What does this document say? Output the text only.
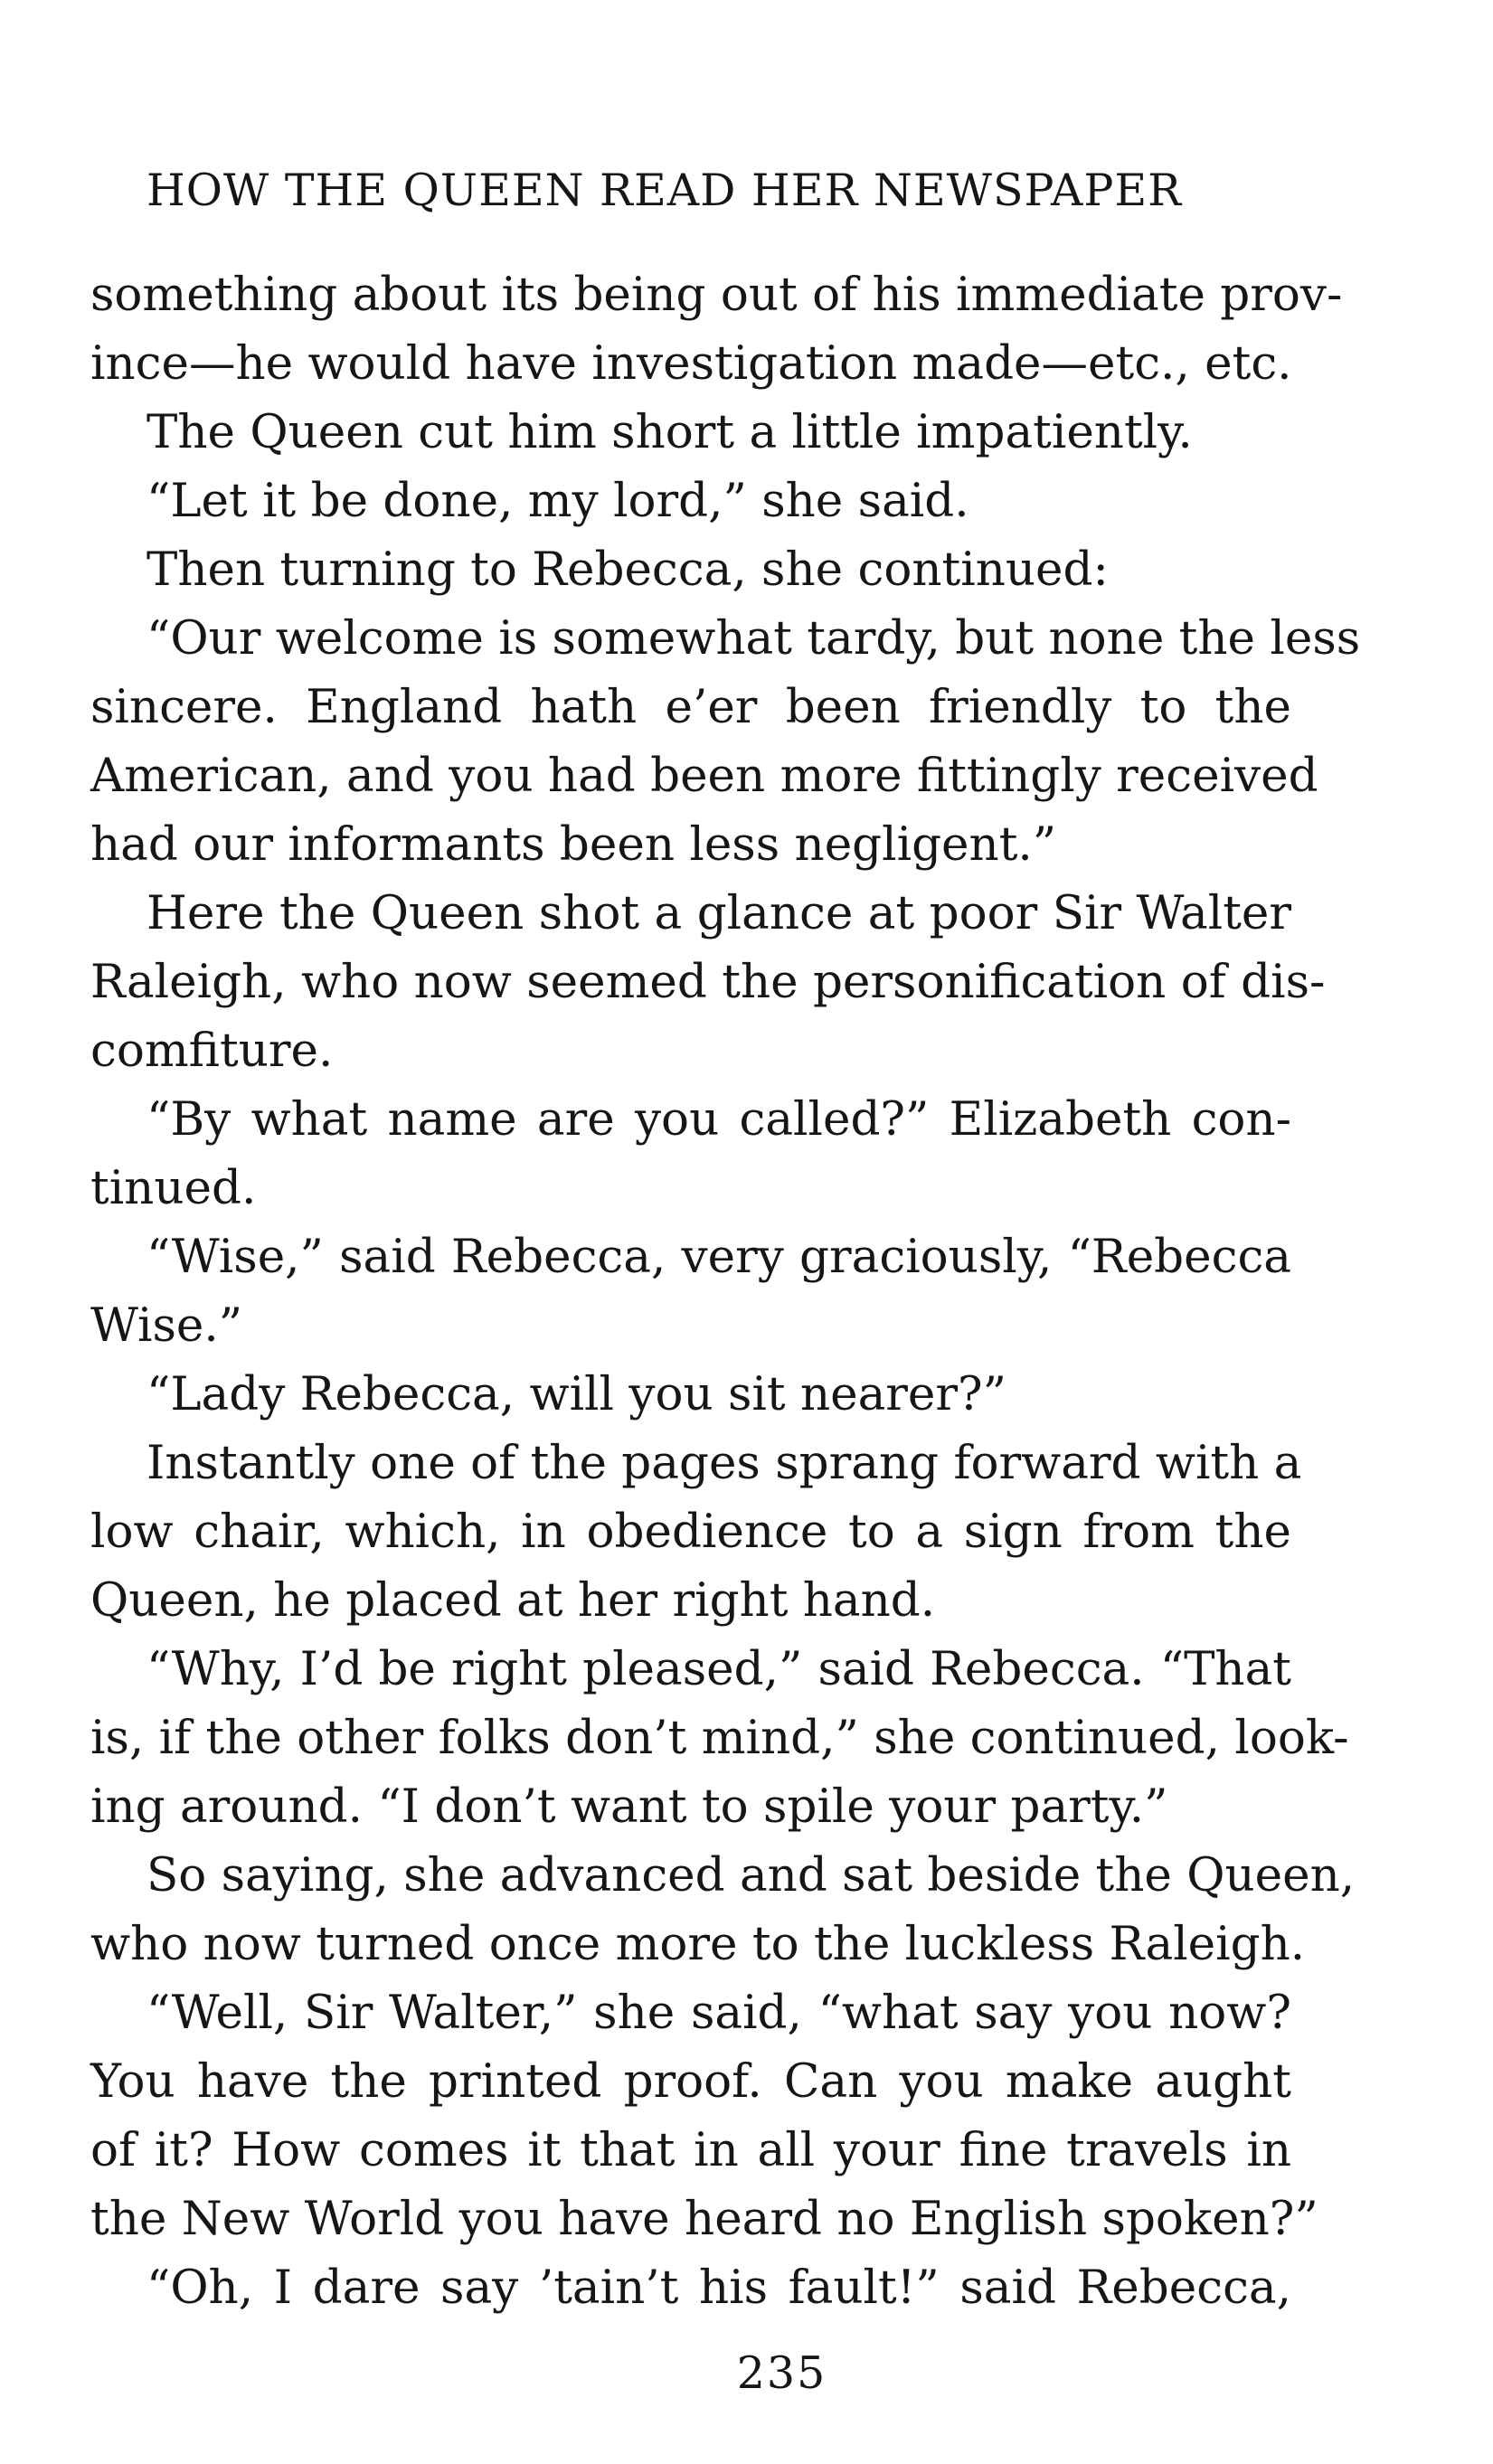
HOW THE QUEEN READ HER NEWSPAPER
something about its being out of his immediate prov-
ince—he would have investigation made—etc., etc.
The Queen cut him short a little impatiently.
“Let it be done, my lord,” she said.
Then turning to Rebecca, she continued:
“Our welcome is somewhat tardy, but none the less
sincere. England hath e’er been friendly to the
American, and you had been more fittingly received
had our informants been less negligent.”
Here the Queen shot a glance at poor Sir Walter
Raleigh, who now seemed the personification of dis-
comfiture.
“By what name are you called?” Elizabeth con-
tinued.
“Wise,” said Rebecca, very graciously, “Rebecca
Wise.”
“Lady Rebecca, will you sit nearer?”
Instantly one of the pages sprang forward with a
low chair, which, in obedience to a sign from the
Queen, he placed at her right hand.
“Why, I’d be right pleased,” said Rebecca. “That
is, if the other folks don’t mind,” she continued, look-
ing around. “I don’t want to spile your party.”
So saying, she advanced and sat beside the Queen,
who now turned once more to the luckless Raleigh.
“Well, Sir Walter,” she said, “what say you now?
You have the printed proof. Can you make aught
of it? How comes it that in all your fine travels in
the New World you have heard no English spoken?”
“Oh, I dare say ’tain’t his fault!” said Rebecca,
235
